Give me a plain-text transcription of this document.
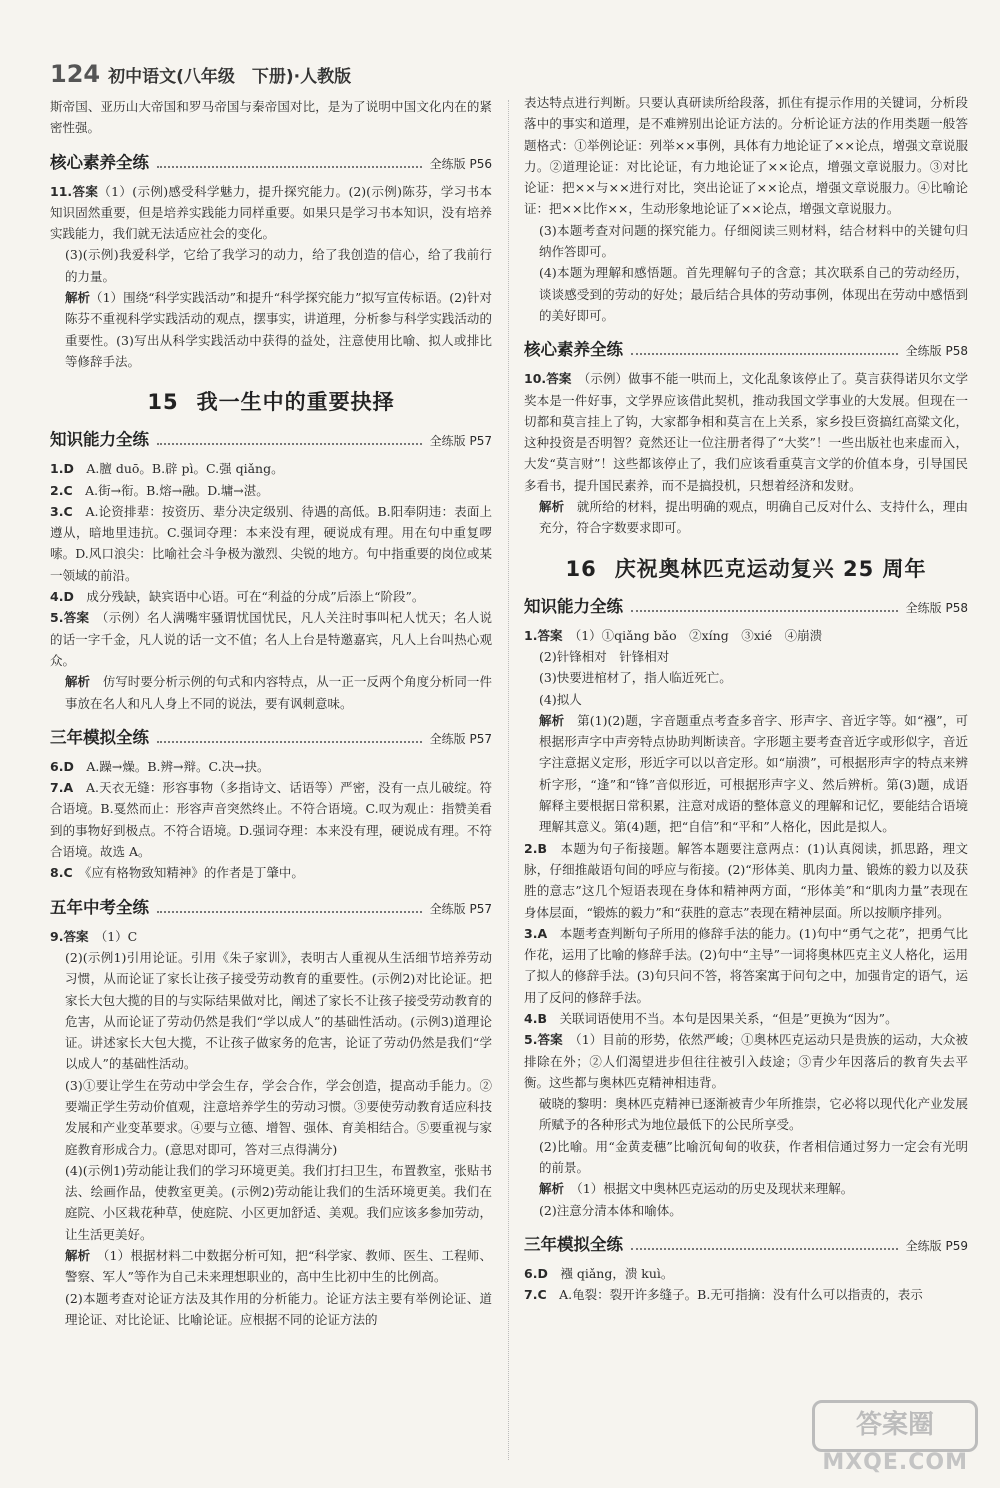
124 初中语文(八年级　下册)·人教版

斯帝国、亚历山大帝国和罗马帝国与秦帝国对比，是为了说明中国文化内在的紧密性强。

核心素养全练	全练版 P56

11.答案（1）(示例)感受科学魅力，提升探究能力。(2)(示例)陈芬，学习书本知识固然重要，但是培养实践能力同样重要。如果只是学习书本知识，没有培养实践能力，我们就无法适应社会的变化。

(3)(示例)我爱科学，它给了我学习的动力，给了我创造的信心，给了我前行的力量。

解析（1）围绕“科学实践活动”和提升“科学探究能力”拟写宣传标语。(2)针对陈芬不重视科学实践活动的观点，摆事实，讲道理，分析参与科学实践活动的重要性。(3)写出从科学实践活动中获得的益处，注意使用比喻、拟人或排比等修辞手法。

15 我一生中的重要抉择
知识能力全练	全练版 P57

1.D　 A.膻 duō。B.辟 pì。C.强 qiǎng。

2.C　 A.街→衔。B.熔→融。D.墉→湛。

3.C　 A.论资排辈：按资历、辈分决定级别、待遇的高低。B.阳奉阴违：表面上遵从，暗地里违抗。C.强词夺理：本来没有理，硬说成有理。用在句中重复啰嗦。D.风口浪尖：比喻社会斗争极为激烈、尖锐的地方。句中指重要的岗位或某一领域的前沿。

4.D　 成分残缺，缺宾语中心语。可在“利益的分成”后添上“阶段”。

5.答案　 （示例）名人满嘴牢骚谓忧国忧民，凡人关注时事叫杞人忧天；名人说的话一字千金，凡人说的话一文不值；名人上台是特邀嘉宾，凡人上台叫热心观众。

解析　 仿写时要分析示例的句式和内容特点，从一正一反两个角度分析同一件事放在名人和凡人身上不同的说法，要有讽刺意味。

三年模拟全练	全练版 P57

6.D　 A.躁→燥。B.辨→辩。C.决→抉。

7.A　 A.天衣无缝：形容事物（多指诗文、话语等）严密，没有一点儿破绽。符合语境。B.戛然而止：形容声音突然终止。不符合语境。C.叹为观止：指赞美看到的事物好到极点。不符合语境。D.强词夺理：本来没有理，硬说成有理。不符合语境。故选 A。

8.C　 《应有格物致知精神》的作者是丁肇中。

五年中考全练	全练版 P57

9.答案　 （1）C

(2)(示例1)引用论证。引用《朱子家训》，表明古人重视从生活细节培养劳动习惯，从而论证了家长让孩子接受劳动教育的重要性。(示例2)对比论证。把家长大包大揽的目的与实际结果做对比，阐述了家长不让孩子接受劳动教育的危害，从而论证了劳动仍然是我们“学以成人”的基础性活动。(示例3)道理论证。讲述家长大包大揽，不让孩子做家务的危害，论证了劳动仍然是我们“学以成人”的基础性活动。

(3)①要让学生在劳动中学会生存，学会合作，学会创造，提高动手能力。②要端正学生劳动价值观，注意培养学生的劳动习惯。③要使劳动教育适应科技发展和产业变革要求。④要与立德、增智、强体、育美相结合。⑤要重视与家庭教育形成合力。(意思对即可，答对三点得满分)

(4)(示例1)劳动能让我们的学习环境更美。我们打扫卫生，布置教室，张贴书法、绘画作品，使教室更美。(示例2)劳动能让我们的生活环境更美。我们在庭院、小区栽花种草，使庭院、小区更加舒适、美观。我们应该多参加劳动，让生活更美好。

解析　 （1）根据材料二中数据分析可知，把“科学家、教师、医生、工程师、警察、军人”等作为自己未来理想职业的，高中生比初中生的比例高。

(2)本题考查对论证方法及其作用的分析能力。论证方法主要有举例论证、道理论证、对比论证、比喻论证。应根据不同的论证方法的

表达特点进行判断。只要认真研读所给段落，抓住有提示作用的关键词，分析段落中的事实和道理，是不难辨别出论证方法的。分析论证方法的作用类题一般答题格式：①举例论证：列举××事例，具体有力地论证了××论点，增强文章说服力。②道理论证：对比论证，有力地论证了××论点，增强文章说服力。③对比论证：把××与××进行对比，突出论证了××论点，增强文章说服力。④比喻论证：把××比作××，生动形象地论证了××论点，增强文章说服力。

(3)本题考查对问题的探究能力。仔细阅读三则材料，结合材料中的关键句归纳作答即可。

(4)本题为理解和感悟题。首先理解句子的含意；其次联系自己的劳动经历，谈谈感受到的劳动的好处；最后结合具体的劳动事例，体现出在劳动中感悟到的美好即可。

核心素养全练	全练版 P58

10.答案　 （示例）做事不能一哄而上，文化乱象该停止了。莫言获得诺贝尔文学奖本是一件好事，文学界应该借此契机，推动我国文学事业的大发展。但现在一切都和莫言挂上了钩，大家都争相和莫言在上关系，家乡投巨资搞红高粱文化，这种投资是否明智？竟然还让一位注册者得了“大奖”！一些出版社也来虚而入，大发“莫言财”！这些都该停止了，我们应该看重莫言文学的价值本身，引导国民多看书，提升国民素养，而不是搞投机，只想着经济和发财。

解析　 就所给的材料，提出明确的观点，明确自己反对什么、支持什么，理由充分，符合字数要求即可。

16 庆祝奥林匹克运动复兴 25 周年
知识能力全练	全练版 P58

1.答案　 （1）①qiǎng bǎo　②xíng　③xié　④崩溃

(2)针锋相对　针锋相对

(3)快要进棺材了，指人临近死亡。

(4)拟人

解析　 第(1)(2)题，字音题重点考查多音字、形声字、音近字等。如“襁”，可根据形声字中声旁特点协助判断读音。字形题主要考查音近字或形似字，音近字注意据义定形，形近字可以以音定形。如“崩溃”，可根据形声字的特点来辨析字形，“逢”和“锋”音似形近，可根据形声字义、然后辨析。第(3)题，成语解释主要根据日常积累，注意对成语的整体意义的理解和记忆，要能结合语境理解其意义。第(4)题，把“自信”和“平和”人格化，因此是拟人。

2.B　 本题为句子衔接题。解答本题要注意两点：(1)认真阅读，抓思路，理文脉，仔细推敲语句间的呼应与衔接。(2)“形体美、肌肉力量、锻炼的毅力以及获胜的意志”这几个短语表现在身体和精神两方面，“形体美”和“肌肉力量”表现在身体层面，“锻炼的毅力”和“获胜的意志”表现在精神层面。所以按顺序排列。

3.A　 本题考查判断句子所用的修辞手法的能力。(1)句中“勇气之花”，把勇气比作花，运用了比喻的修辞手法。(2)句中“主导”一词将奥林匹克主义人格化，运用了拟人的修辞手法。(3)句只问不答，将答案寓于问句之中，加强肯定的语气，运用了反问的修辞手法。

4.B　 关联词语使用不当。本句是因果关系，“但是”更换为“因为”。

5.答案　 （1）目前的形势，依然严峻；①奥林匹克运动只是贵族的运动，大众被排除在外；②人们渴望进步但往往被引入歧途；③青少年因落后的教育失去平衡。这些都与奥林匹克精神相违背。

破晓的黎明：奥林匹克精神已逐渐被青少年所推崇，它必将以现代化产业发展所赋予的各种形式为地位最低下的公民所享受。

(2)比喻。用“金黄麦穗”比喻沉甸甸的收获，作者相信通过努力一定会有光明的前景。

解析　 （1）根据文中奥林匹克运动的历史及现状来理解。

(2)注意分清本体和喻体。

三年模拟全练	全练版 P59

6.D　 襁 qiǎng，溃 kuì。

7.C　 A.龟裂：裂开许多缝子。B.无可指摘：没有什么可以指责的，表示

答案圈
MXQE.COM
